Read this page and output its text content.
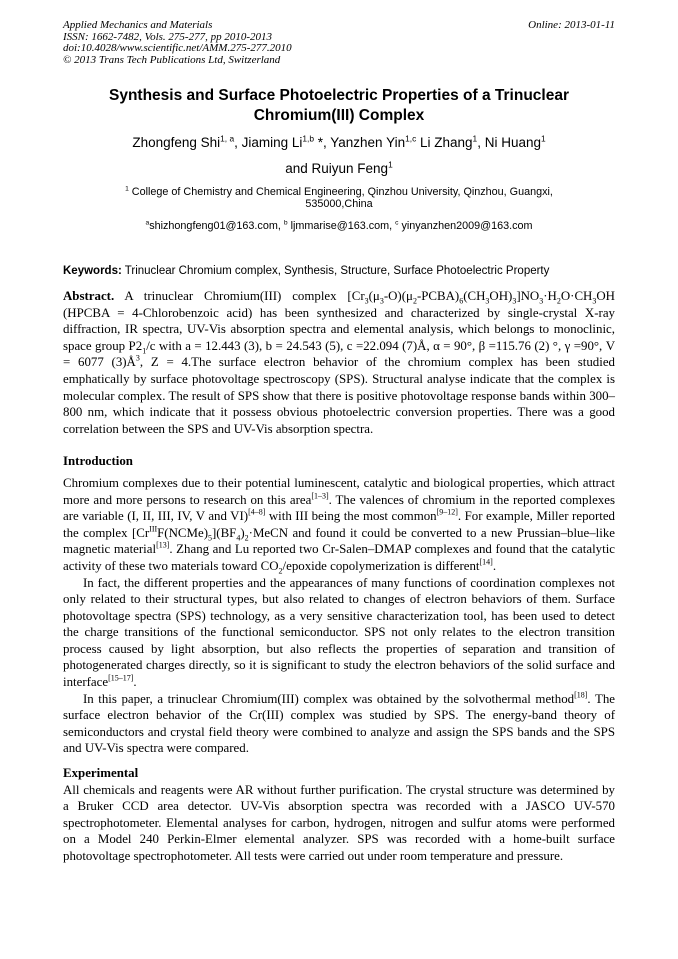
Applied Mechanics and Materials
ISSN: 1662-7482, Vols. 275-277, pp 2010-2013
doi:10.4028/www.scientific.net/AMM.275-277.2010
© 2013 Trans Tech Publications Ltd, Switzerland
Online: 2013-01-11
Synthesis and Surface Photoelectric Properties of a Trinuclear
Chromium(III) Complex
Zhongfeng Shi$^{1, a}$, Jiaming Li$^{1,b}$ *, Yanzhen Yin$^{1,c}$ Li Zhang$^1$, Ni Huang$^1$
and Ruiyun Feng$^1$
$^1$ College of Chemistry and Chemical Engineering, Qinzhou University, Qinzhou, Guangxi,
535000,China
$^a$shizhongfeng01@163.com, $^b$ ljmmarise@163.com, $^c$ yinyanzhen2009@163.com
Keywords: Trinuclear Chromium complex, Synthesis, Structure, Surface Photoelectric Property

Abstract. A trinuclear Chromium(III) complex $[Cr_3(\mu_3-O)(\mu_2-PCBA)_6(CH_3OH)_3]NO_3\cdot H_2O\cdot CH_3OH$ (HPCBA = 4-Chlorobenzoic acid) has been synthesized and characterized by single-crystal X-ray diffraction, IR spectra, UV-Vis absorption spectra and elemental analysis, which belongs to monoclinic, space group $P2_1/c$ with a = 12.443 (3), b = 24.543 (5), c =22.094 (7)Å, α = 90°, β =115.76 (2) °, γ =90°, V = 6077 $(3)Å^3$, Z = 4.The surface electron behavior of the chromium complex has been studied emphatically by surface photovoltage spectroscopy (SPS). Structural analyse indicate that the complex is molecular complex. The result of SPS show that there is positive photovoltage response bands within 300–800 nm, which indicate that it possess obvious photoelectric conversion properties. There was a good correlation between the SPS and UV-Vis absorption spectra.

Introduction

Chromium complexes due to their potential luminescent, catalytic and biological properties, which attract more and more persons to research on this area[1–3]. The valences of chromium in the reported complexes are variable (I, II, III, IV, V and VI)[4–8] with III being the most common[9–12]. For example, Miller reported the complex $[Cr^{III}F(NCMe)_5](BF_4)_2\cdot MeCN$ and found it could be converted to a new Prussian–blue–like magnetic material[13]. Zhang and Lu reported two Cr-Salen–DMAP complexes and found that the catalytic activity of these two materials toward $CO_2$/epoxide copolymerization is different[14].

In fact, the different properties and the appearances of many functions of coordination complexes not only related to their structural types, but also related to changes of electron behaviors of them. Surface photovoltage spectra (SPS) technology, as a very sensitive characterization tool, has been used to detect the charge transitions of the functional semiconductor. SPS not only relates to the electron transition process caused by light absorption, but also reflects the properties of separation and transition of photogenerated charges directly, so it is significant to study the electron behaviors of the solid surface and interface[15–17].

In this paper, a trinuclear Chromium(III) complex was obtained by the solvothermal method[18]. The surface electron behavior of the Cr(III) complex was studied by SPS. The energy-band theory of semiconductors and crystal field theory were combined to analyze and assign the SPS bands and the SPS and UV-Vis spectra were compared.

Experimental

All chemicals and reagents were AR without further purification. The crystal structure was determined by a Bruker CCD area detector. UV-Vis absorption spectra was recorded with a JASCO UV-570 spectrophotometer. Elemental analyses for carbon, hydrogen, nitrogen and sulfur atoms were performed on a Model 240 Perkin-Elmer elemental analyzer. SPS was recorded with a home-built surface photovoltage spectrophotometer. All tests were carried out under room temperature and pressure.
